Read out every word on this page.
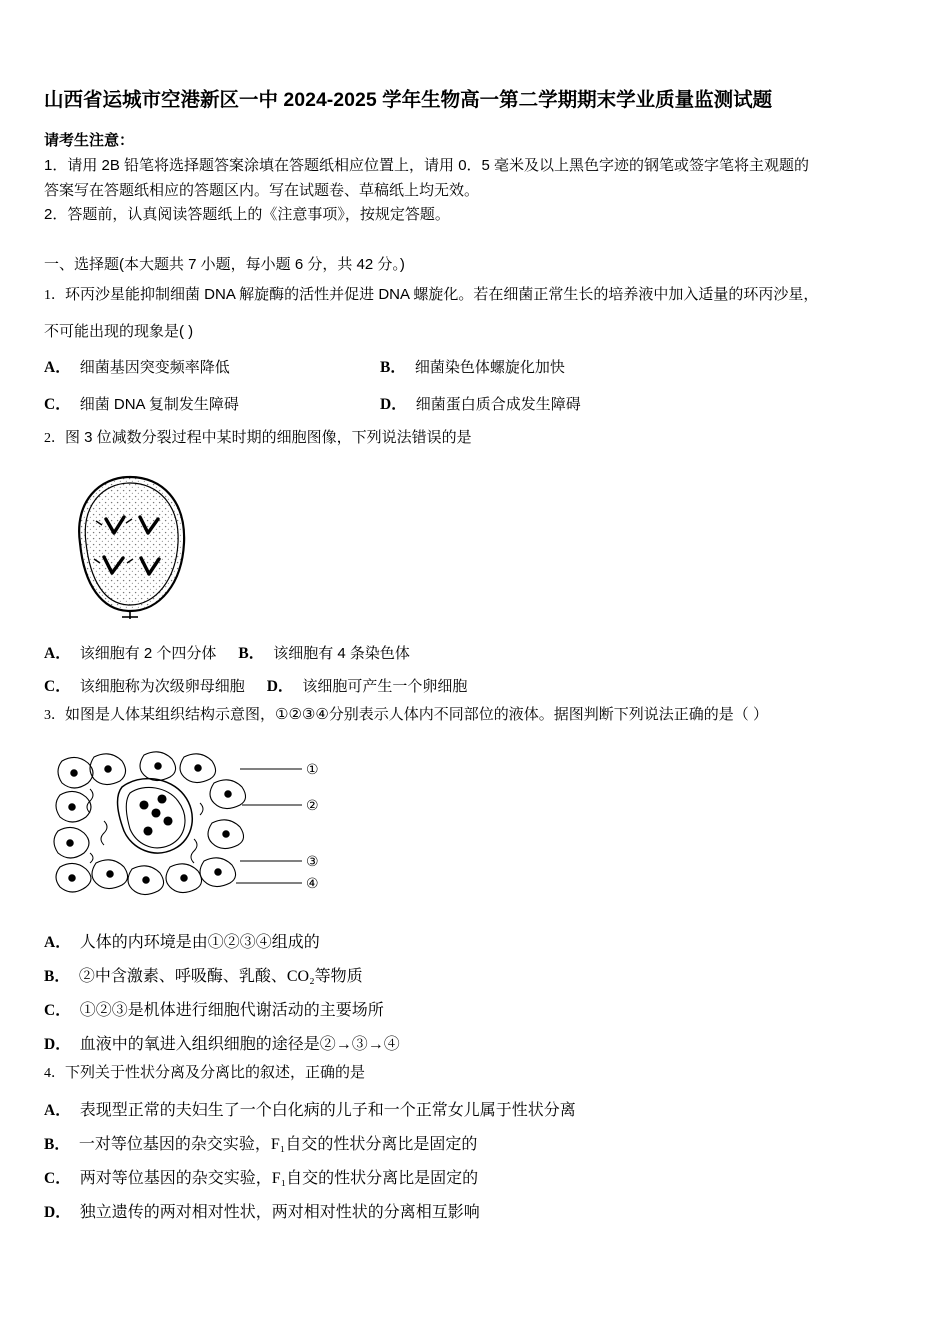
山西省运城市空港新区一中 2024-2025 学年生物高一第二学期期末学业质量监测试题
请考生注意：
1．请用 2B 铅笔将选择题答案涂填在答题纸相应位置上，请用 0．5 毫米及以上黑色字迹的钢笔或签字笔将主观题的
答案写在答题纸相应的答题区内。写在试题卷、草稿纸上均无效。
2．答题前，认真阅读答题纸上的《注意事项》，按规定答题。
一、选择题(本大题共 7 小题，每小题 6 分，共 42 分。)
1．环丙沙星能抑制细菌 DNA 解旋酶的活性并促进 DNA 螺旋化。若在细菌正常生长的培养液中加入适量的环丙沙星，
不可能出现的现象是( )
A． 细菌基因突变频率降低	B． 细菌染色体螺旋化加快
C． 细菌 DNA 复制发生障碍	D． 细菌蛋白质合成发生障碍
2．图 3 位减数分裂过程中某时期的细胞图像，下列说法错误的是
A． 该细胞有 2 个四分体 B． 该细胞有 4 条染色体
C． 该细胞称为次级卵母细胞 D． 该细胞可产生一个卵细胞
3．如图是人体某组织结构示意图，①②③④分别表示人体内不同部位的液体。据图判断下列说法正确的是（ ）
①
②
③
④
A． 人体的内环境是由①②③④组成的
B． ②中含激素、呼吸酶、乳酸、CO₂等物质
C． ①②③是机体进行细胞代谢活动的主要场所
D． 血液中的氧进入组织细胞的途径是②→③→④
4．下列关于性状分离及分离比的叙述，正确的是
A． 表现型正常的夫妇生了一个白化病的儿子和一个正常女儿属于性状分离
B． 一对等位基因的杂交实验，F₁自交的性状分离比是固定的
C． 两对等位基因的杂交实验，F₁自交的性状分离比是固定的
D． 独立遗传的两对相对性状，两对相对性状的分离相互影响
